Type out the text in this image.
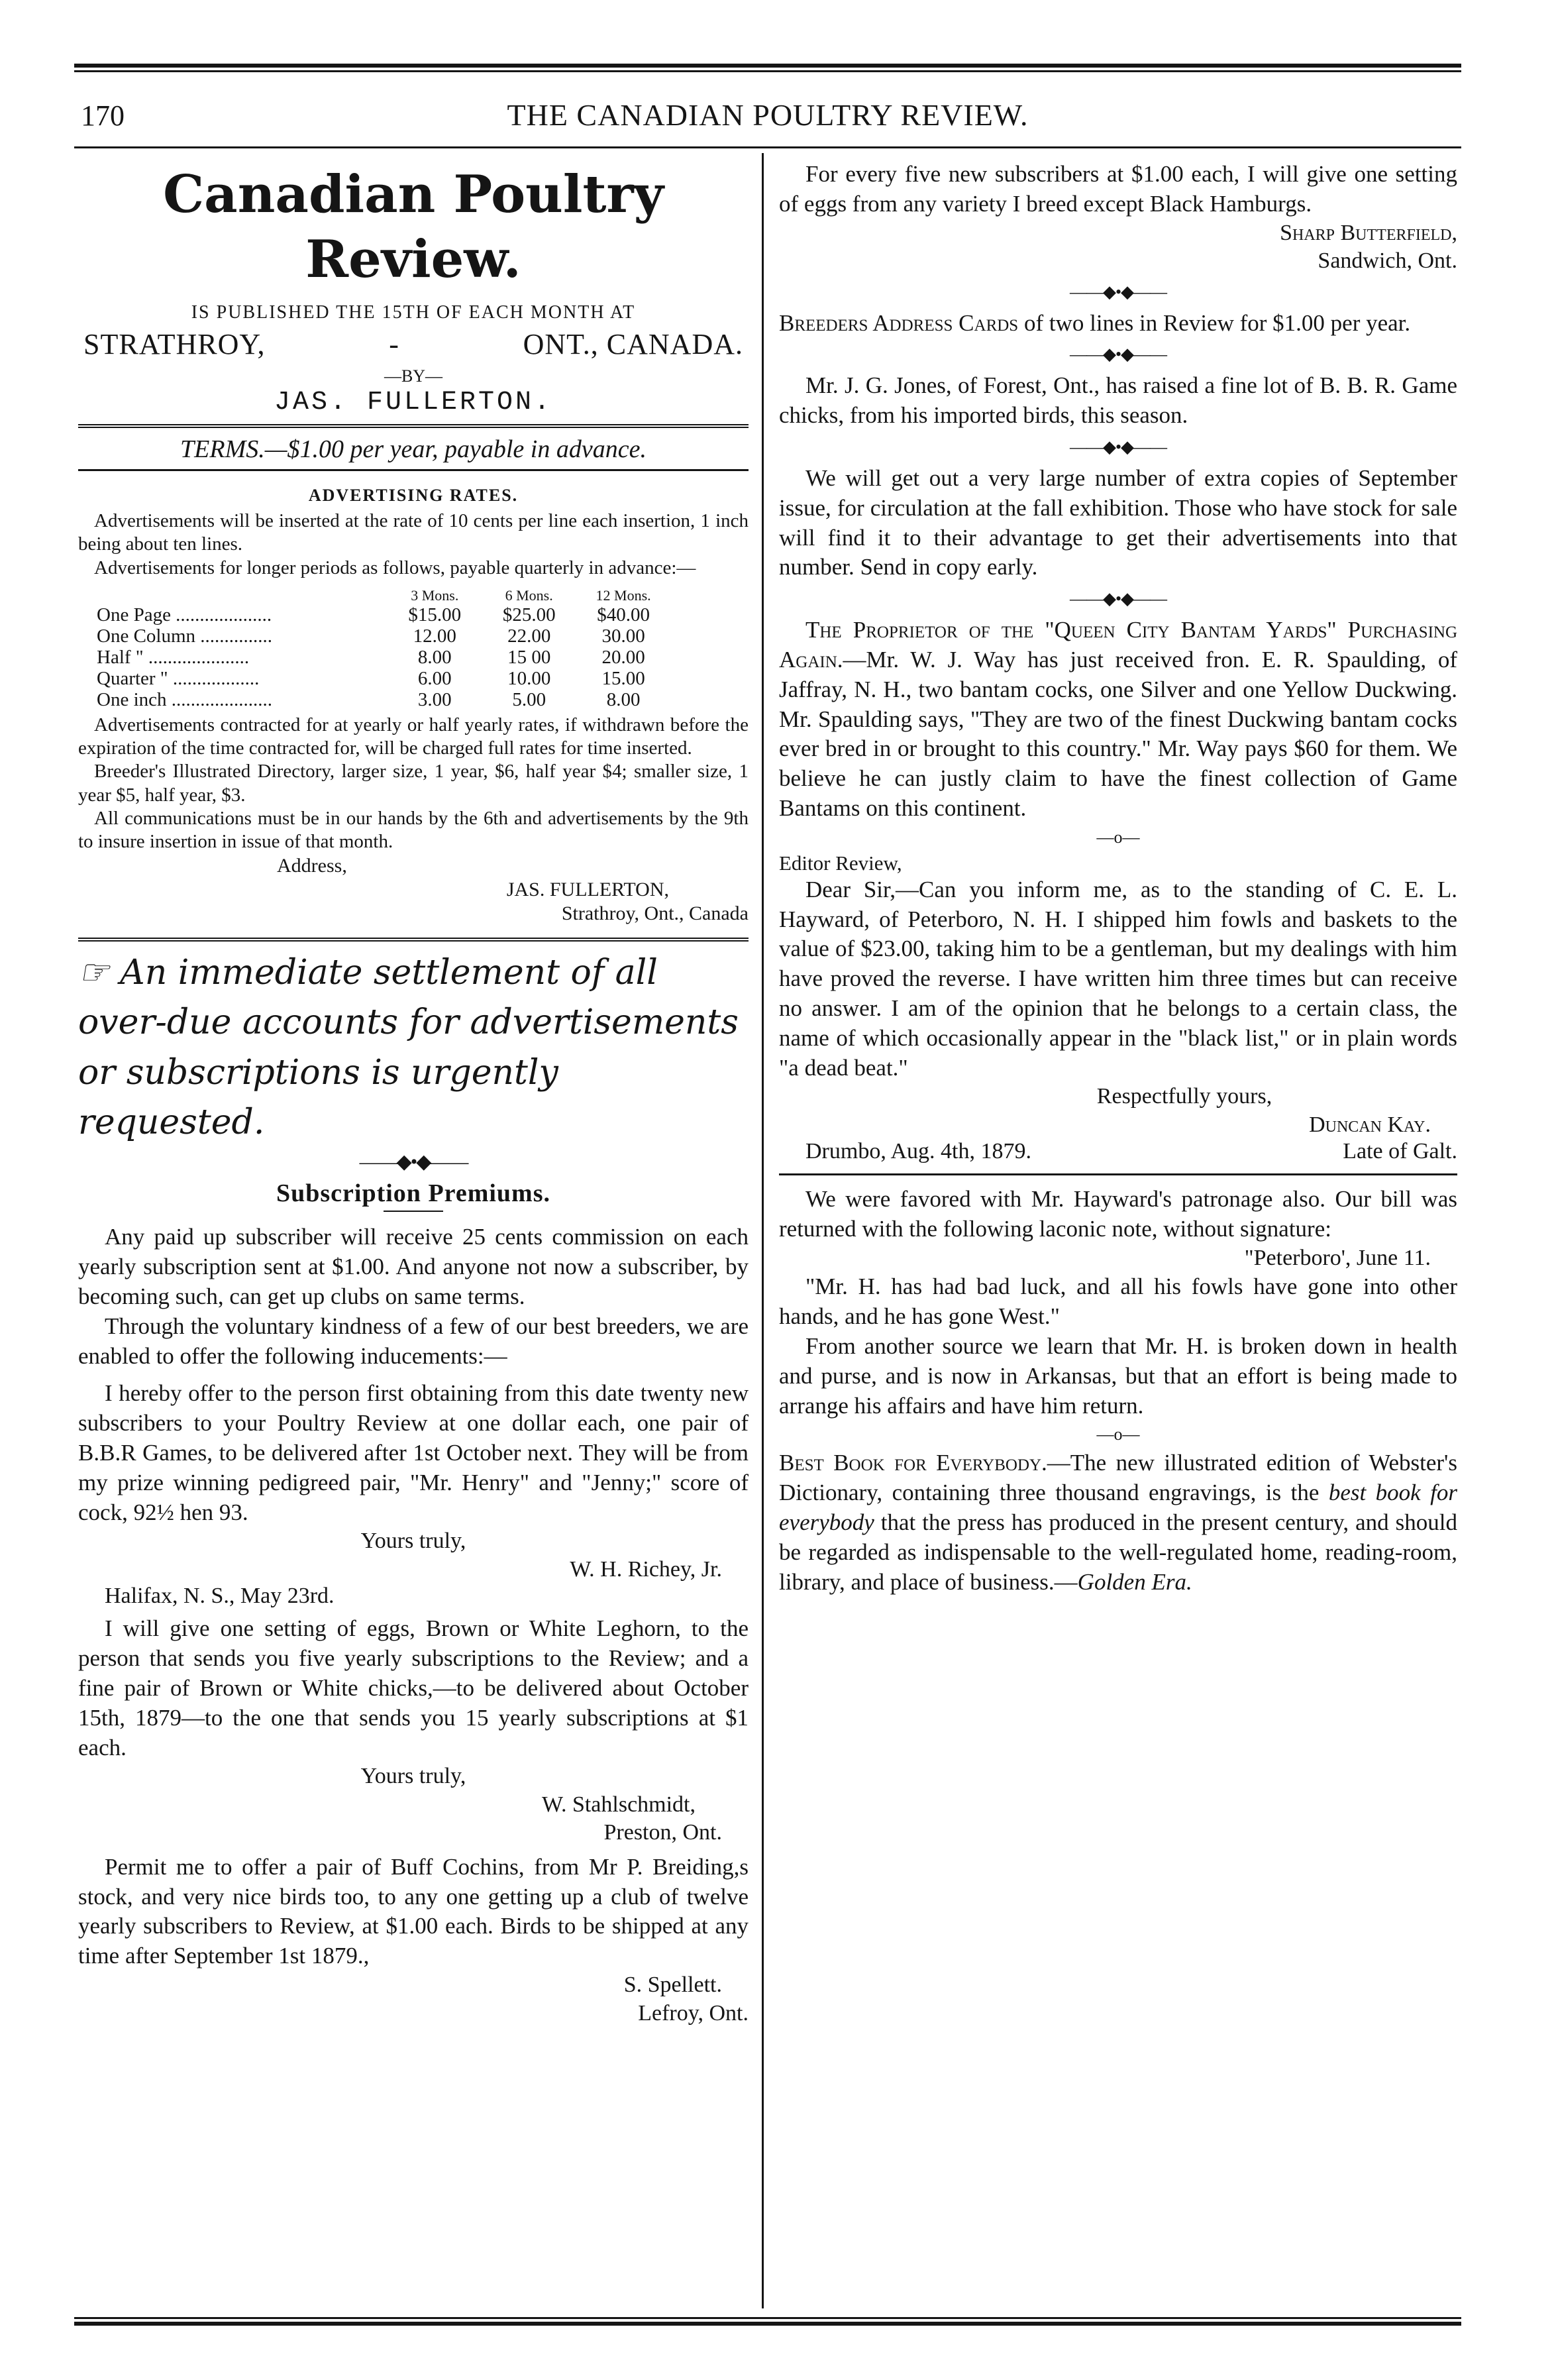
170	THE CANADIAN POULTRY REVIEW.
Canadian Poultry Review.
IS PUBLISHED THE 15TH OF EACH MONTH AT
STRATHROY,	-	ONT., CANADA.
—BY—
JAS. FULLERTON.
TERMS.—$1.00 per year, payable in advance.
ADVERTISING RATES.

Advertisements will be inserted at the rate of 10 cents per line each insertion, 1 inch being about ten lines.

Advertisements for longer periods as follows, payable quarterly in advance:—

	3 Mons.	6 Mons.	12 Mons.
One Page ....................	$15.00	$25.00	$40.00
One Column ...............	12.00	22.00	30.00
Half " .....................	8.00	15 00	20.00
Quarter " ..................	6.00	10.00	15.00
One inch .....................	3.00	5.00	8.00

Advertisements contracted for at yearly or half yearly rates, if withdrawn before the expiration of the time contracted for, will be charged full rates for time inserted.

Breeder's Illustrated Directory, larger size, 1 year, $6, half year $4; smaller size, 1 year $5, half year, $3.

All communications must be in our hands by the 6th and advertisements by the 9th to insure insertion in issue of that month.

Address,
JAS. FULLERTON,
Strathroy, Ont., Canada

☞ An immediate settlement of all over-due accounts for advertisements or subscriptions is urgently requested.

——◆•◆——
Subscription Premiums.

Any paid up subscriber will receive 25 cents commission on each yearly subscription sent at $1.00. And anyone not now a subscriber, by becoming such, can get up clubs on same terms.

Through the voluntary kindness of a few of our best breeders, we are enabled to offer the following inducements:—

I hereby offer to the person first obtaining from this date twenty new subscribers to your Poultry Review at one dollar each, one pair of B.B.R Games, to be delivered after 1st October next. They will be from my prize winning pedigreed pair, "Mr. Henry" and "Jenny;" score of cock, 92½ hen 93.

Yours truly,

W. H. Richey, Jr.

Halifax, N. S., May 23rd.

I will give one setting of eggs, Brown or White Leghorn, to the person that sends you five yearly subscriptions to the Review; and a fine pair of Brown or White chicks,—to be delivered about October 15th, 1879—to the one that sends you 15 yearly subscriptions at $1 each.

Yours truly,

W. Stahlschmidt,

Preston, Ont.

Permit me to offer a pair of Buff Cochins, from Mr P. Breiding,s stock, and very nice birds too, to any one getting up a club of twelve yearly subscribers to Review, at $1.00 each. Birds to be shipped at any time after September 1st 1879.,

S. Spellett.

Lefroy, Ont.

For every five new subscribers at $1.00 each, I will give one setting of eggs from any variety I breed except Black Hamburgs.

Sharp Butterfield,

Sandwich, Ont.

——◆•◆——

Breeders Address Cards of two lines in Review for $1.00 per year.

——◆•◆——

Mr. J. G. Jones, of Forest, Ont., has raised a fine lot of B. B. R. Game chicks, from his imported birds, this season.

——◆•◆——

We will get out a very large number of extra copies of September issue, for circulation at the fall exhibition. Those who have stock for sale will find it to their advantage to get their advertisements into that number. Send in copy early.

——◆•◆——

The Proprietor of the "Queen City Bantam Yards" Purchasing Again.—Mr. W. J. Way has just received fron. E. R. Spaulding, of Jaffray, N. H., two bantam cocks, one Silver and one Yellow Duckwing. Mr. Spaulding says, "They are two of the finest Duckwing bantam cocks ever bred in or brought to this country." Mr. Way pays $60 for them. We believe he can justly claim to have the finest collection of Game Bantams on this continent.

—o—

Editor Review,

Dear Sir,—Can you inform me, as to the standing of C. E. L. Hayward, of Peterboro, N. H. I shipped him fowls and baskets to the value of $23.00, taking him to be a gentleman, but my dealings with him have proved the reverse. I have written him three times but can receive no answer. I am of the opinion that he belongs to a certain class, the name of which occasionally appear in the "black list," or in plain words "a dead beat."

Respectfully yours,

Duncan Kay.

Drumbo, Aug. 4th, 1879.	Late of Galt.

We were favored with Mr. Hayward's patronage also. Our bill was returned with the following laconic note, without signature:

"Peterboro', June 11.

"Mr. H. has had bad luck, and all his fowls have gone into other hands, and he has gone West."

From another source we learn that Mr. H. is broken down in health and purse, and is now in Arkansas, but that an effort is being made to arrange his affairs and have him return.

—o—

Best Book for Everybody.—The new illustrated edition of Webster's Dictionary, containing three thousand engravings, is the best book for everybody that the press has produced in the present century, and should be regarded as indispensable to the well-regulated home, reading-room, library, and place of business.—Golden Era.
